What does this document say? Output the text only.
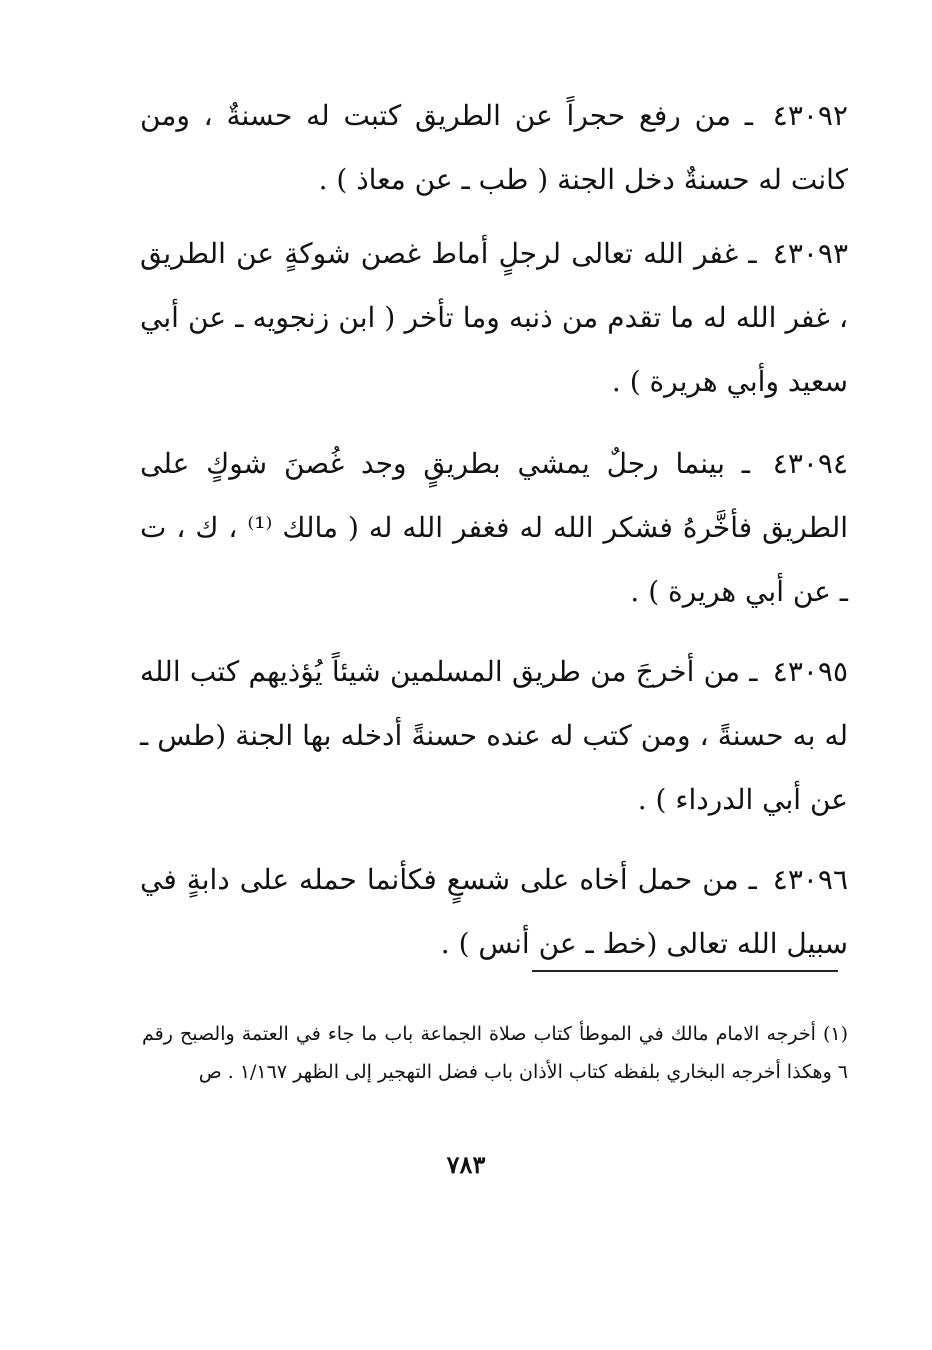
٤٣٠٩٢ ـ من رفع حجراً عن الطريق كتبت له حسنةٌ ، ومن كانت له حسنةٌ دخل الجنة ( طب ـ عن معاذ ) .

٤٣٠٩٣ ـ غفر الله تعالى لرجلٍ أماط غصن شوكةٍ عن الطريق ، غفر الله له ما تقدم من ذنبه وما تأخر ( ابن زنجويه ـ عن أبي سعيد وأبي هريرة ) .

٤٣٠٩٤ ـ بينما رجلٌ يمشي بطريقٍ وجد غُصنَ شوكٍ على الطريق فأخَّرهُ فشكر الله له فغفر الله له ( مالك ⁽¹⁾ ، ك ، ت ـ عن أبي هريرة ) .

٤٣٠٩٥ ـ من أخرجَ من طريق المسلمين شيئاً يُؤذيهم كتب الله له به حسنةً ، ومن كتب له عنده حسنةً أدخله بها الجنة (طس ـ عن أبي الدرداء ) .

٤٣٠٩٦ ـ من حمل أخاه على شسعٍ فكأنما حمله على دابةٍ في سبيل الله تعالى (خط ـ عن أنس ) .

(١) أخرجه الامام مالك في الموطأ كتاب صلاة الجماعة باب ما جاء في العتمة والصبح رقم ٦ وهكذا أخرجه البخاري بلفظه كتاب الأذان باب فضل التهجير إلى الظهر ١/١٦٧ . ص

٧٨٣
